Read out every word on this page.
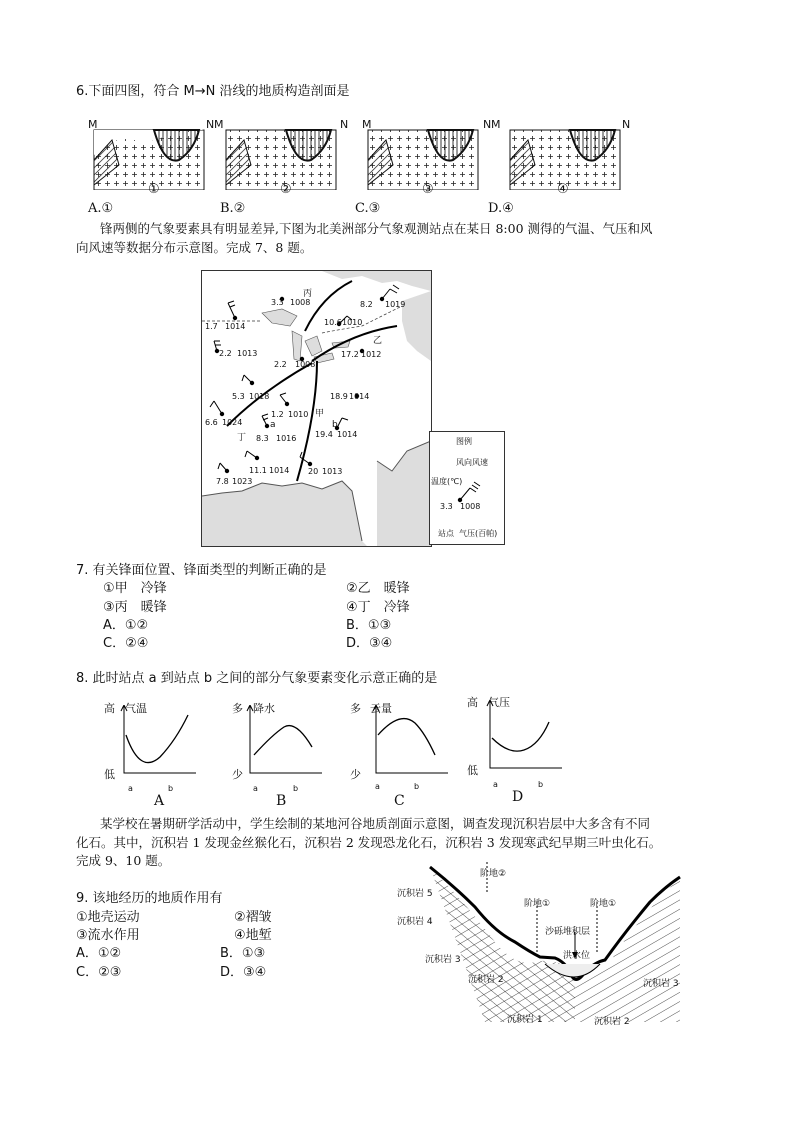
6.下面四图，符合 M→N 沿线的地质构造剖面是
M	N M	N M	N M	N
①	②	③	④
A.①	B.②	C.③	D.④
锋两侧的气象要素具有明显差异,下图为北美洲部分气象观测站点在某日 8:00 测得的气温、气压和风
向风速等数据分布示意图。完成 7、8 题。
丙
乙
甲
丁
3.3 1008	8.2 1019
1.7 1014	10.6 1010
2.2 1013	17.2 1012
2.2 1008
5.3 1018	18.9 1014
1.2 1010
6.6 1024
8.3 1016
a
19.4 1014
b
11.1 1014 20 1013
7.8 1023
图例
风向风速
温度(℃)
3.3 1008
站点 气压(百帕)
7. 有关锋面位置、锋面类型的判断正确的是
①甲　冷锋	②乙　暖锋
③丙　暖锋	④丁　冷锋
A．①②	B．①③
C．②④	D．③④
8. 此时站点 a 到站点 b 之间的部分气象要素变化示意正确的是
高 气温
低
a	b
A
多 降水
少
a	b
B
多 云量
少
a	b
C
高 气压
低
a	b
D
某学校在暑期研学活动中，学生绘制的某地河谷地质剖面示意图，调查发现沉积岩层中大多含有不同
化石。其中，沉积岩 1 发现金丝猴化石，沉积岩 2 发现恐龙化石，沉积岩 3 发现寒武纪早期三叶虫化石。
完成 9、10 题。
9. 该地经历的地质作用有
①地壳运动	②褶皱
③流水作用	④地堑
A．①②	B．①③
C．②③	D．③④
沉积岩 5
阶地②
沉积岩 4
阶地①	阶地①
沉积岩 3
沙砾堆积层
洪水位
沉积岩 2	沉积岩 3
沉积岩 1	沉积岩 2
